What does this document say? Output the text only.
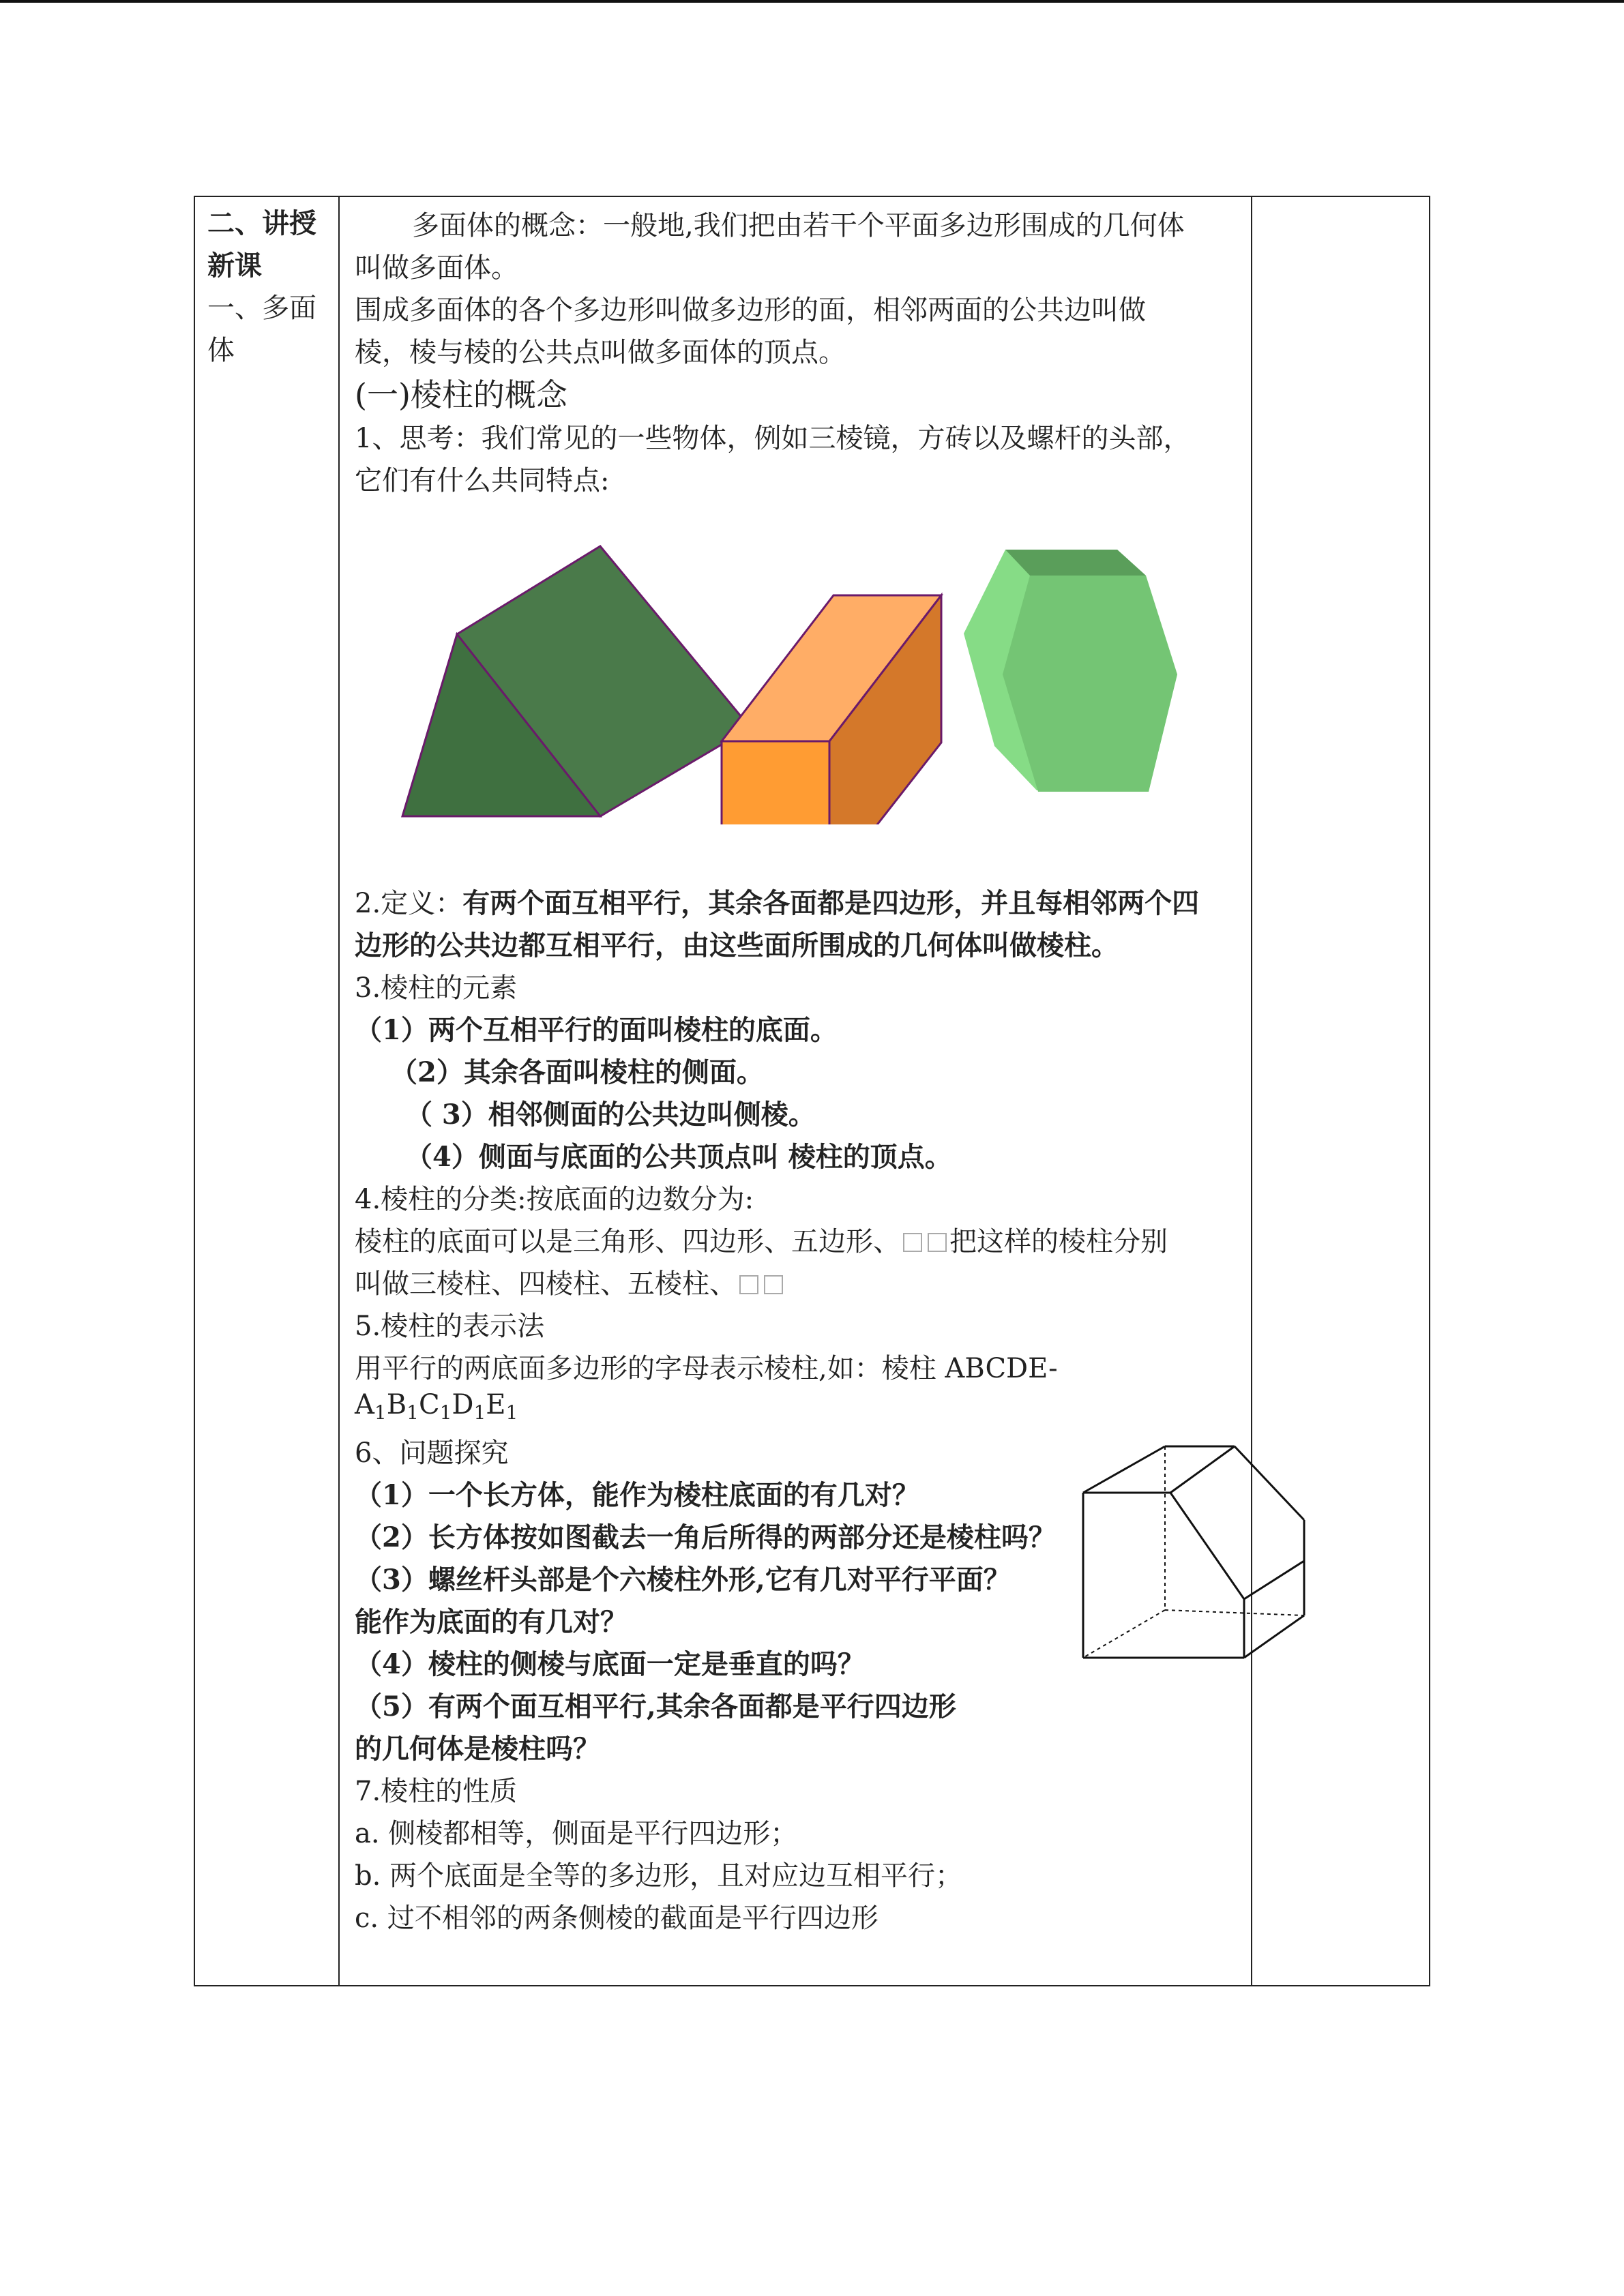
二、讲授
新课
一、多面
体
多面体的概念：一般地,我们把由若干个平面多边形围成的几何体
叫做多面体。
围成多面体的各个多边形叫做多边形的面，相邻两面的公共边叫做
棱，棱与棱的公共点叫做多面体的顶点。
(一)棱柱的概念
1、思考：我们常见的一些物体，例如三棱镜，方砖以及螺杆的头部，
它们有什么共同特点:
2.定义：有两个面互相平行，其余各面都是四边形，并且每相邻两个四
边形的公共边都互相平行，由这些面所围成的几何体叫做棱柱。
3.棱柱的元素
（1）两个互相平行的面叫棱柱的底面。
（2）其余各面叫棱柱的侧面。
（ 3）相邻侧面的公共边叫侧棱。
（4）侧面与底面的公共顶点叫 棱柱的顶点。
4.棱柱的分类:按底面的边数分为:
棱柱的底面可以是三角形、四边形、五边形、 把这样的棱柱分别
叫做三棱柱、四棱柱、五棱柱、
5.棱柱的表示法
用平行的两底面多边形的字母表示棱柱,如：棱柱 ABCDE-
$A_1B_1C_1D_1E_1$
6、问题探究
（1）一个长方体，能作为棱柱底面的有几对？
（2）长方体按如图截去一角后所得的两部分还是棱柱吗？
（3）螺丝杆头部是个六棱柱外形,它有几对平行平面？
能作为底面的有几对？
（4）棱柱的侧棱与底面一定是垂直的吗？
（5）有两个面互相平行,其余各面都是平行四边形
的几何体是棱柱吗？
7.棱柱的性质
a. 侧棱都相等，侧面是平行四边形；
b. 两个底面是全等的多边形，且对应边互相平行；
c. 过不相邻的两条侧棱的截面是平行四边形
